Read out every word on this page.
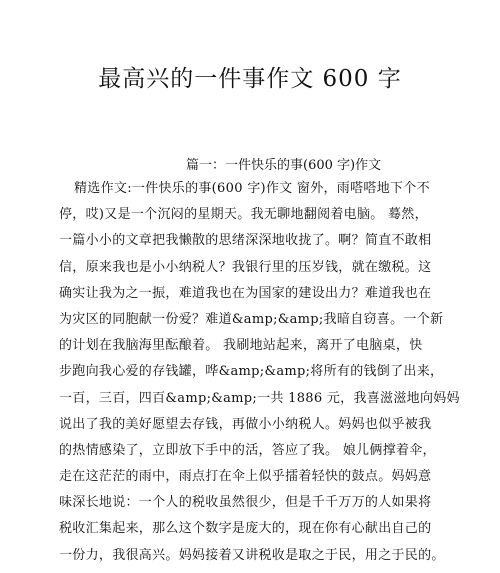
最高兴的一件事作文 600 字
篇一：一件快乐的事(600 字)作文
精选作文:一件快乐的事(600 字)作文 窗外，雨嗒嗒地下个不
停，哎)又是一个沉闷的星期天。我无聊地翻阅着电脑。 蓦然，
一篇小小的文章把我懒散的思绪深深地收拢了。啊？简直不敢相
信，原来我也是小小纳税人？我银行里的压岁钱，就在缴税。这
确实让我为之一振，难道我也在为国家的建设出力？难道我也在
为灾区的同胞献一份爱？难道&amp;&amp;我暗自窃喜。一个新
的计划在我脑海里酝酿着。 我刷地站起来，离开了电脑桌，快
步跑向我心爱的存钱罐，哗&amp;&amp;将所有的钱倒了出来，
一百，三百，四百&amp;&amp;一共 1886 元，我喜滋滋地向妈妈
说出了我的美好愿望去存钱，再做小小纳税人。妈妈也似乎被我
的热情感染了，立即放下手中的活，答应了我。 娘儿俩撑着伞，
走在这茫茫的雨中，雨点打在伞上似乎擂着轻快的鼓点。妈妈意
味深长地说：一个人的税收虽然很少，但是千千万万的人如果将
税收汇集起来，那么这个数字是庞大的，现在你有心献出自己的
一份力，我很高兴。妈妈接着又讲税收是取之于民，用之于民的。
